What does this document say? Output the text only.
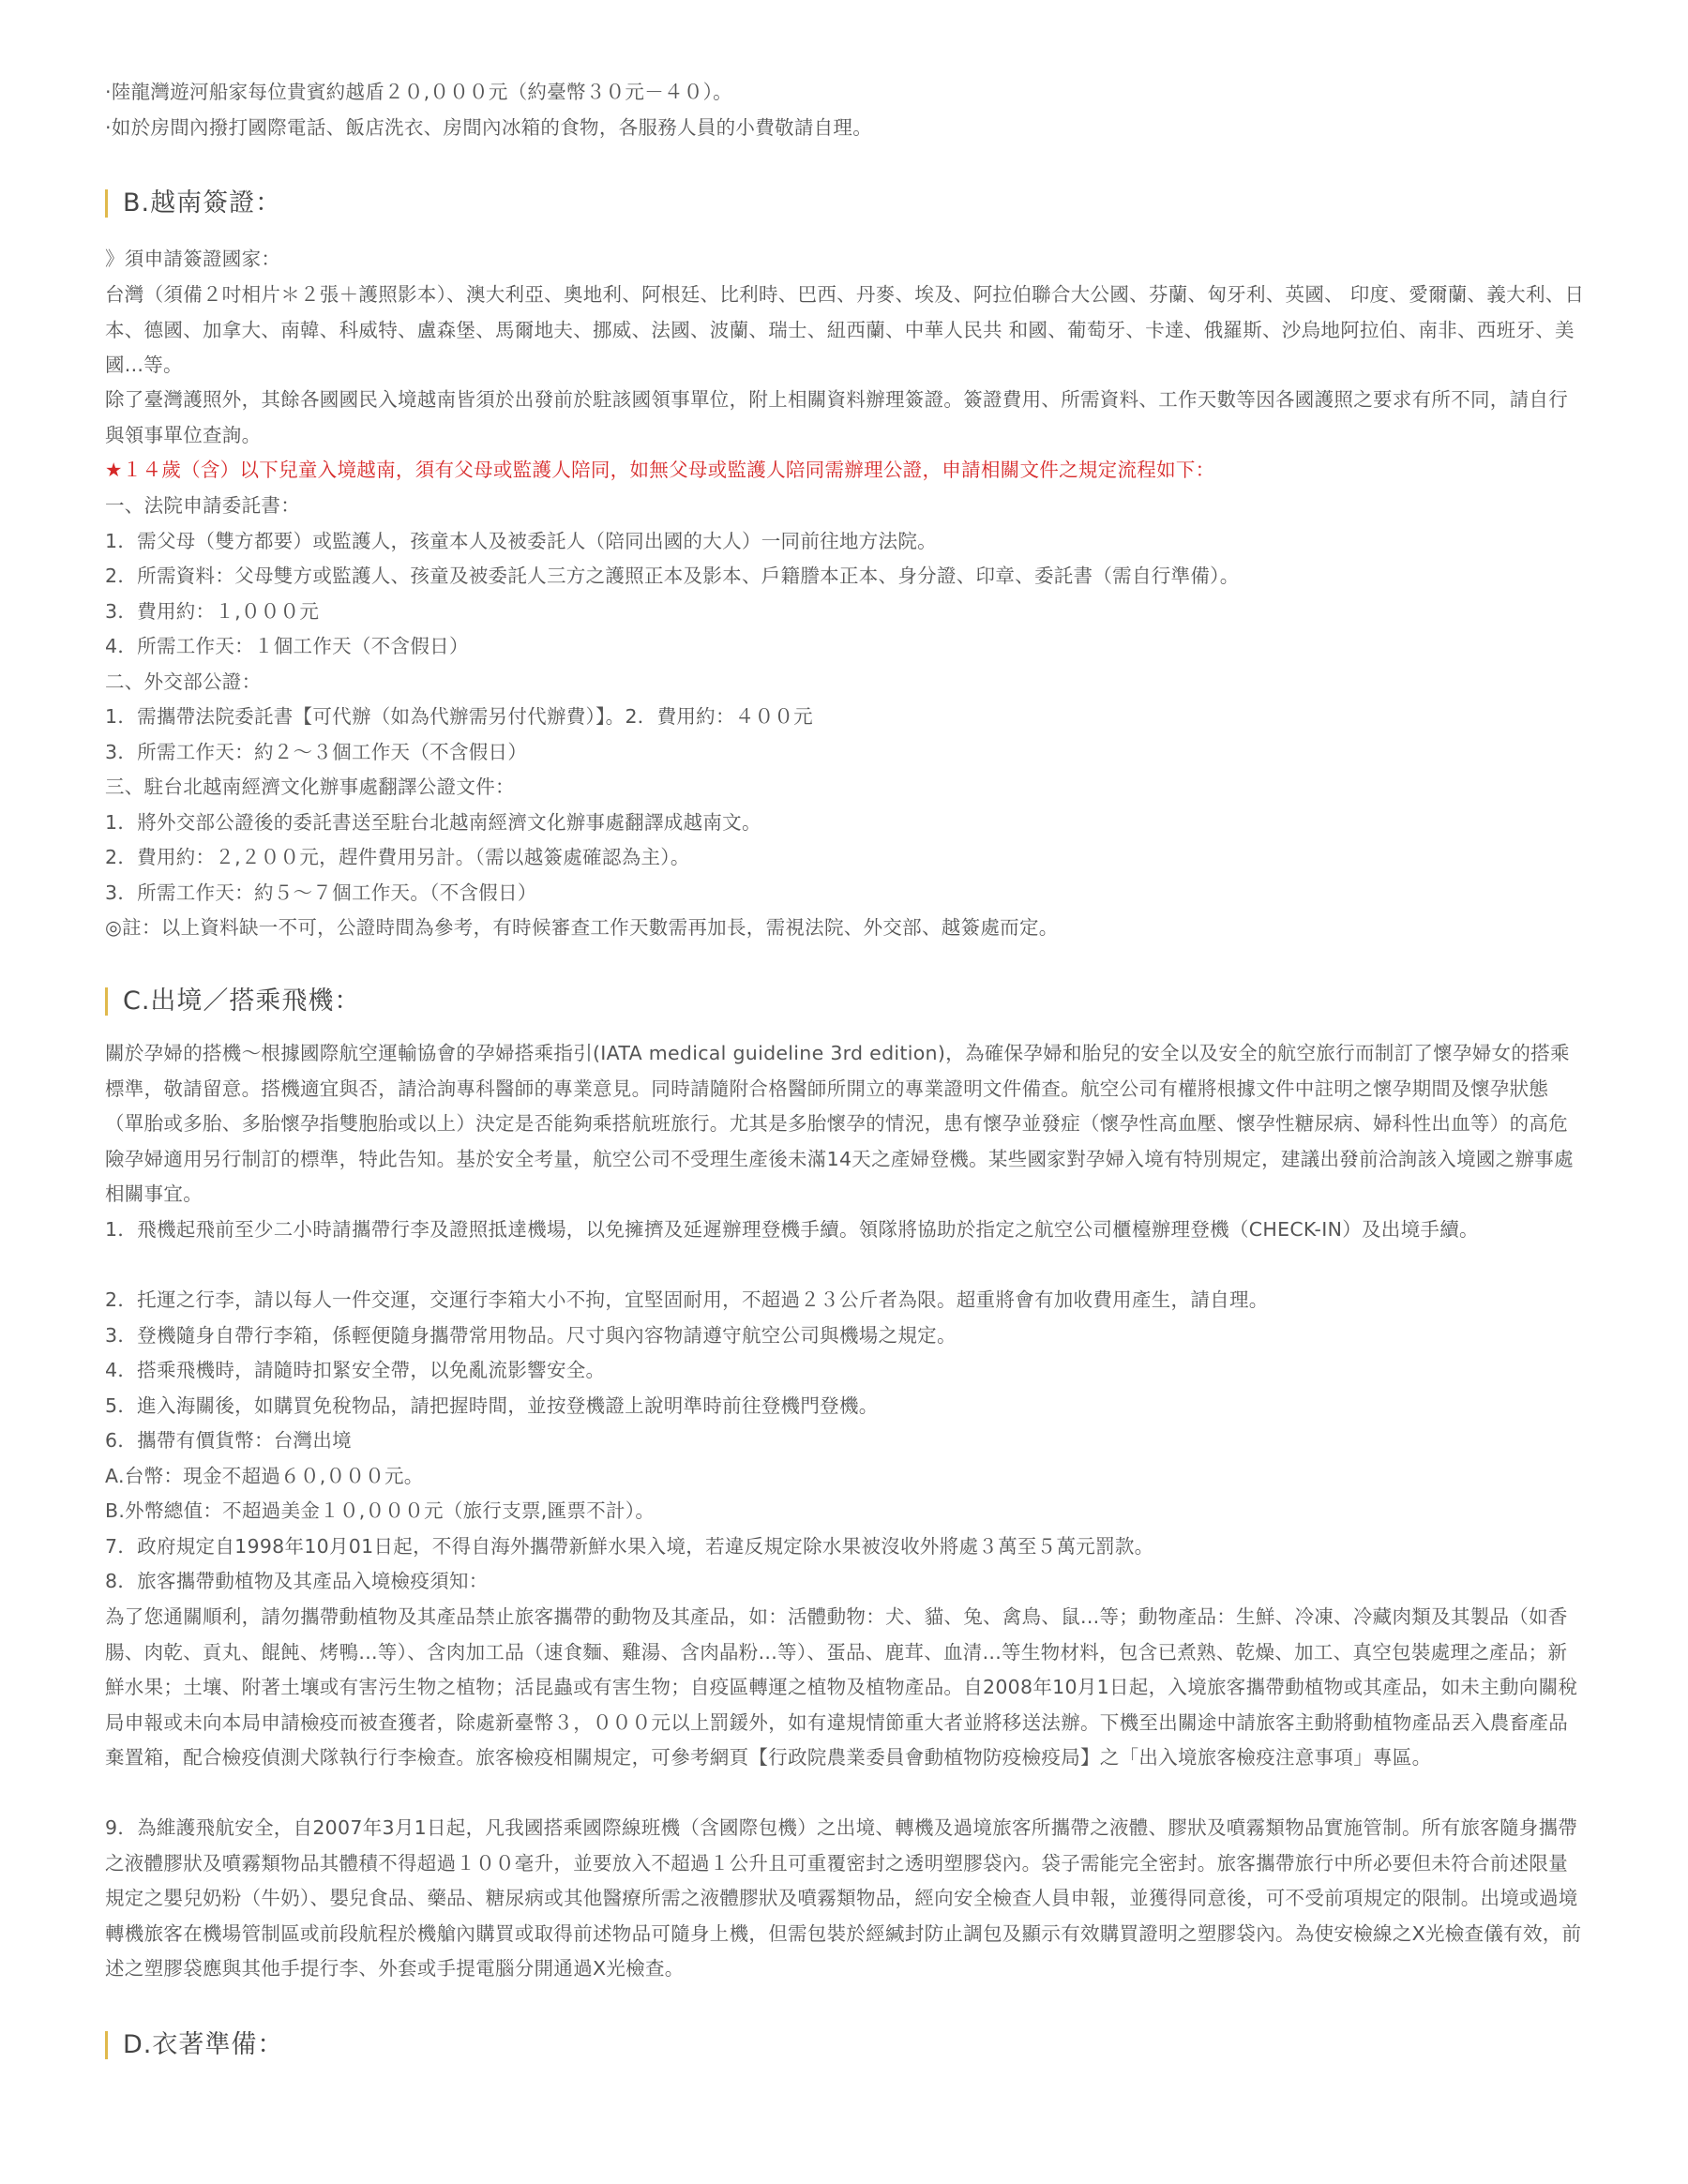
·陸龍灣遊河船家每位貴賓約越盾２０,０００元（約臺幣３０元－４０）。

·如於房間內撥打國際電話、飯店洗衣、房間內冰箱的食物，各服務人員的小費敬請自理。

B.越南簽證：

》須申請簽證國家：

台灣（須備２吋相片＊２張＋護照影本）、澳大利亞、奧地利、阿根廷、比利時、巴西、丹麥、埃及、阿拉伯聯合大公國、芬蘭、匈牙利、英國、 印度、愛爾蘭、義大利、日本、德國、加拿大、南韓、科威特、盧森堡、馬爾地夫、挪威、法國、波蘭、瑞士、紐西蘭、中華人民共 和國、葡萄牙、卡達、俄羅斯、沙烏地阿拉伯、南非、西班牙、美國...等。

除了臺灣護照外，其餘各國國民入境越南皆須於出發前於駐該國領事單位，附上相關資料辦理簽證。簽證費用、所需資料、工作天數等因各國護照之要求有所不同，請自行與領事單位查詢。

★１４歲（含）以下兒童入境越南，須有父母或監護人陪同，如無父母或監護人陪同需辦理公證，申請相關文件之規定流程如下：

一、法院申請委託書：

1．需父母（雙方都要）或監護人，孩童本人及被委託人（陪同出國的大人）一同前往地方法院。

2．所需資料：父母雙方或監護人、孩童及被委託人三方之護照正本及影本、戶籍謄本正本、身分證、印章、委託書（需自行準備）。

3．費用約：１,０００元

4．所需工作天：１個工作天（不含假日）

二、外交部公證：

1．需攜帶法院委託書【可代辦（如為代辦需另付代辦費）】。2．費用約：４００元

3．所需工作天：約２～３個工作天（不含假日）

三、駐台北越南經濟文化辦事處翻譯公證文件：

1．將外交部公證後的委託書送至駐台北越南經濟文化辦事處翻譯成越南文。

2．費用約：２,２００元，趕件費用另計。（需以越簽處確認為主）。

3．所需工作天：約５～７個工作天。（不含假日）

◎註：以上資料缺一不可，公證時間為參考，有時候審查工作天數需再加長，需視法院、外交部、越簽處而定。

C.出境／搭乘飛機：

關於孕婦的搭機～根據國際航空運輸協會的孕婦搭乘指引(IATA medical guideline 3rd edition)，為確保孕婦和胎兒的安全以及安全的航空旅行而制訂了懷孕婦女的搭乘標準，敬請留意。搭機適宜與否，請洽詢專科醫師的專業意見。同時請隨附合格醫師所開立的專業證明文件備查。航空公司有權將根據文件中註明之懷孕期間及懷孕狀態（單胎或多胎、多胎懷孕指雙胞胎或以上）決定是否能夠乘搭航班旅行。尤其是多胎懷孕的情況，患有懷孕並發症（懷孕性高血壓、懷孕性糖尿病、婦科性出血等）的高危險孕婦適用另行制訂的標準，特此告知。基於安全考量，航空公司不受理生產後未滿14天之產婦登機。某些國家對孕婦入境有特別規定，建議出發前洽詢該入境國之辦事處相關事宜。

1．飛機起飛前至少二小時請攜帶行李及證照抵達機場，以免擁擠及延遲辦理登機手續。領隊將協助於指定之航空公司櫃檯辦理登機（CHECK-IN）及出境手續。

2．托運之行李，請以每人一件交運，交運行李箱大小不拘，宜堅固耐用，不超過２３公斤者為限。超重將會有加收費用產生，請自理。

3．登機隨身自帶行李箱，係輕便隨身攜帶常用物品。尺寸與內容物請遵守航空公司與機場之規定。

4．搭乘飛機時，請隨時扣緊安全帶，以免亂流影響安全。

5．進入海關後，如購買免稅物品，請把握時間，並按登機證上說明準時前往登機門登機。

6．攜帶有價貨幣：台灣出境

A.台幣：現金不超過６０,０００元。

B.外幣總值：不超過美金１０,０００元（旅行支票,匯票不計）。

7．政府規定自1998年10月01日起，不得自海外攜帶新鮮水果入境，若違反規定除水果被沒收外將處３萬至５萬元罰款。

8．旅客攜帶動植物及其產品入境檢疫須知：

為了您通關順利，請勿攜帶動植物及其產品禁止旅客攜帶的動物及其產品，如：活體動物：犬、貓、兔、禽鳥、鼠...等；動物產品：生鮮、冷凍、冷藏肉類及其製品（如香腸、肉乾、貢丸、餛飩、烤鴨...等）、含肉加工品（速食麵、雞湯、含肉晶粉...等）、蛋品、鹿茸、血清...等生物材料，包含已煮熟、乾燥、加工、真空包裝處理之產品；新鮮水果；土壤、附著土壤或有害污生物之植物；活昆蟲或有害生物；自疫區轉運之植物及植物產品。自2008年10月1日起，入境旅客攜帶動植物或其產品，如未主動向關稅局申報或未向本局申請檢疫而被查獲者，除處新臺幣３，０００元以上罰鍰外，如有違規情節重大者並將移送法辦。下機至出關途中請旅客主動將動植物產品丟入農畜產品棄置箱，配合檢疫偵測犬隊執行行李檢查。旅客檢疫相關規定，可參考網頁【行政院農業委員會動植物防疫檢疫局】之「出入境旅客檢疫注意事項」專區。

9．為維護飛航安全，自2007年3月1日起，凡我國搭乘國際線班機（含國際包機）之出境、轉機及過境旅客所攜帶之液體、膠狀及噴霧類物品實施管制。所有旅客隨身攜帶之液體膠狀及噴霧類物品其體積不得超過１００毫升，並要放入不超過１公升且可重覆密封之透明塑膠袋內。袋子需能完全密封。旅客攜帶旅行中所必要但未符合前述限量規定之嬰兒奶粉（牛奶）、嬰兒食品、藥品、糖尿病或其他醫療所需之液體膠狀及噴霧類物品，經向安全檢查人員申報，並獲得同意後，可不受前項規定的限制。出境或過境轉機旅客在機場管制區或前段航程於機艙內購買或取得前述物品可隨身上機，但需包裝於經緘封防止調包及顯示有效購買證明之塑膠袋內。為使安檢線之X光檢查儀有效，前述之塑膠袋應與其他手提行李、外套或手提電腦分開通過X光檢查。

D.衣著準備：
